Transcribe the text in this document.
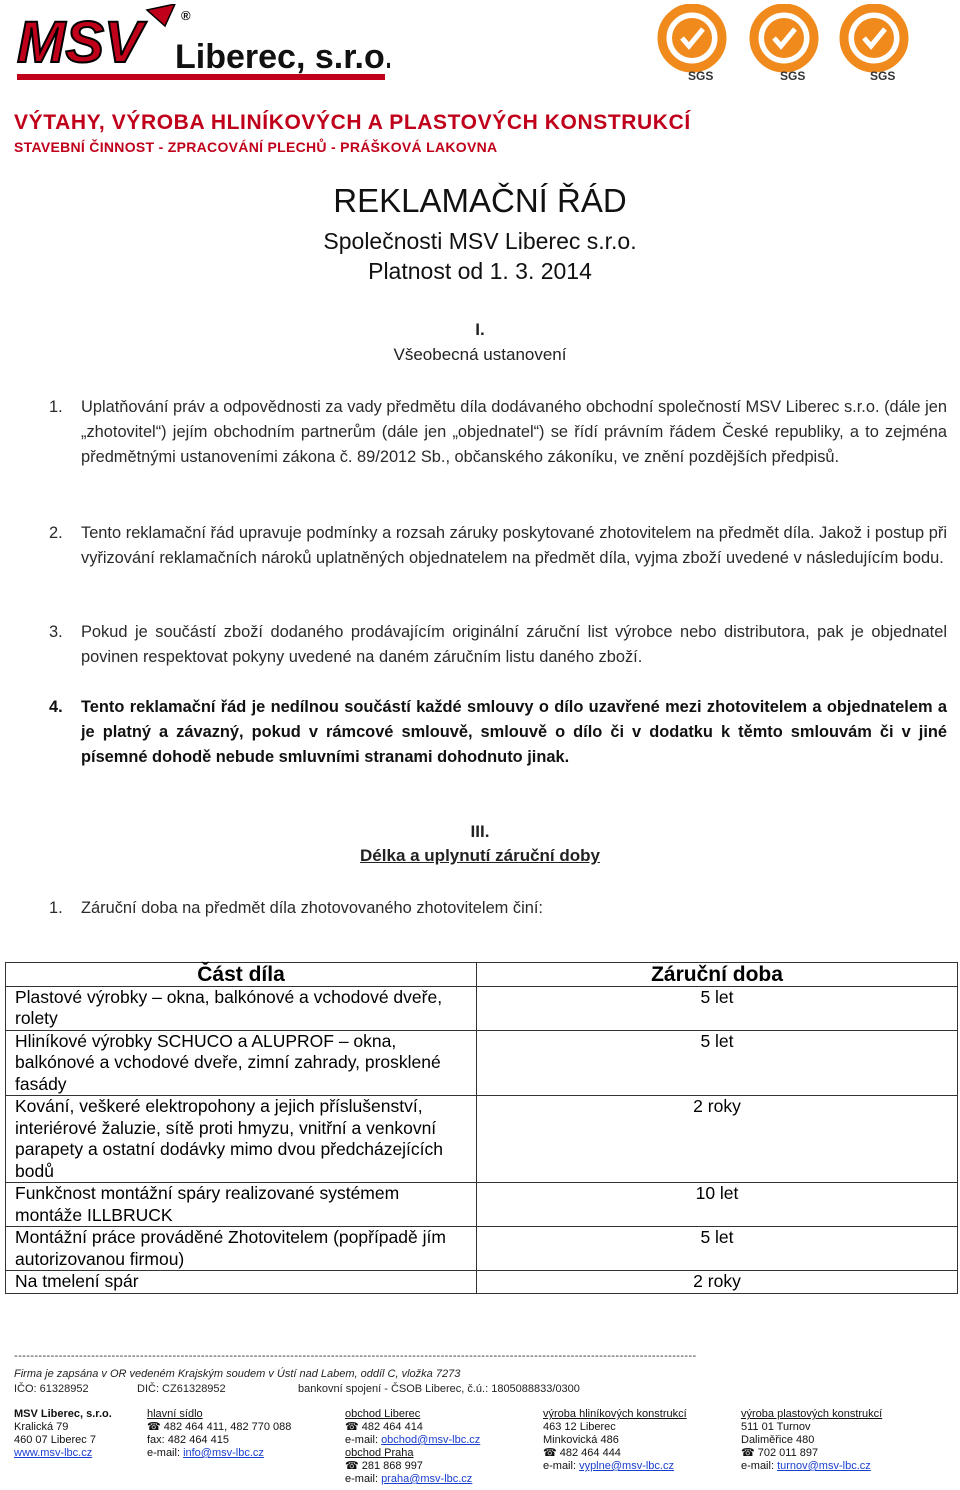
MSV Liberec, s.r.o.
®
SGS	SGS	SGS
VÝTAHY, VÝROBA HLINÍKOVÝCH A PLASTOVÝCH KONSTRUKCÍ
STAVEBNÍ ČINNOST - ZPRACOVÁNÍ PLECHŮ - PRÁŠKOVÁ LAKOVNA
REKLAMAČNÍ ŘÁD
Společnosti MSV Liberec s.r.o.
Platnost od 1. 3. 2014
I.
Všeobecná ustanovení
1. Uplatňování práv a odpovědnosti za vady předmětu díla dodávaného obchodní společností MSV Liberec s.r.o. (dále jen „zhotovitel“) jejím obchodním partnerům (dále jen „objednatel“) se řídí právním řádem České republiky, a to zejména předmětnými ustanoveními zákona č. 89/2012 Sb., občanského zákoníku, ve znění pozdějších předpisů.
2. Tento reklamační řád upravuje podmínky a rozsah záruky poskytované zhotovitelem na předmět díla. Jakož i postup při vyřizování reklamačních nároků uplatněných objednatelem na předmět díla, vyjma zboží uvedené v následujícím bodu.
3. Pokud je součástí zboží dodaného prodávajícím originální záruční list výrobce nebo distributora, pak je objednatel povinen respektovat pokyny uvedené na daném záručním listu daného zboží.
4. Tento reklamační řád je nedílnou součástí každé smlouvy o dílo uzavřené mezi zhotovitelem a objednatelem a je platný a závazný, pokud v rámcové smlouvě, smlouvě o dílo či v dodatku k těmto smlouvám či v jiné písemné dohodě nebude smluvními stranami dohodnuto jinak.
III.
Délka a uplynutí záruční doby
1. Záruční doba na předmět díla zhotovovaného zhotovitelem činí:
Část díla	Záruční doba
Plastové výrobky – okna, balkónové a vchodové dveře, rolety	5 let
Hliníkové výrobky SCHUCO a ALUPROF – okna, balkónové a vchodové dveře, zimní zahrady, prosklené fasády	5 let
Kování, veškeré elektropohony a jejich příslušenství, interiérové žaluzie, sítě proti hmyzu, vnitřní a venkovní parapety a ostatní dodávky mimo dvou předcházejících bodů	2 roky
Funkčnost montážní spáry realizované systémem montáže ILLBRUCK	10 let
Montážní práce prováděné Zhotovitelem (popřípadě jím autorizovanou firmou)	5 let
Na tmelení spár	2 roky
------------------------------------------------------------------------------------------------------------------------------------------------------------------------
Firma je zapsána v OR vedeném Krajským soudem v Ústí nad Labem, oddíl C, vložka 7273
IČO: 61328952	DIČ: CZ61328952	bankovní spojení - ČSOB Liberec, č.ú.: 1805088833/0300
MSV Liberec, s.r.o.
Kralická 79
460 07 Liberec 7
www.msv-lbc.cz
hlavní sídlo
☎ 482 464 411, 482 770 088
fax: 482 464 415
e-mail: info@msv-lbc.cz
obchod Liberec
☎ 482 464 414
e-mail: obchod@msv-lbc.cz
obchod Praha
☎ 281 868 997
e-mail: praha@msv-lbc.cz
výroba hliníkových konstrukcí
463 12 Liberec
Minkovická 486
☎ 482 464 444
e-mail: vyplne@msv-lbc.cz
výroba plastových konstrukcí
511 01 Turnov
Daliměřice 480
☎ 702 011 897
e-mail: turnov@msv-lbc.cz
